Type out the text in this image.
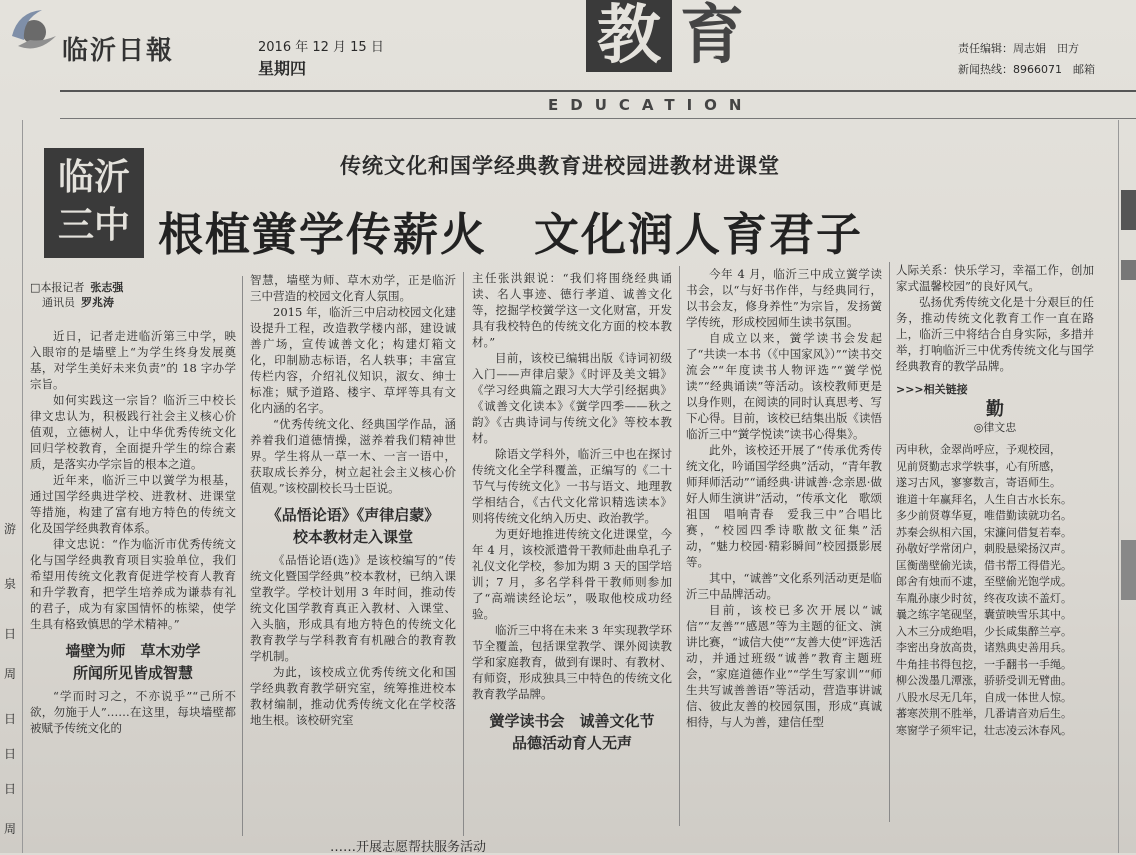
临沂日報	2016 年 12 月 15 日
星期四	教 育
EDUCATION
责任编辑：周志娟　田方
新闻热线：8966071　邮箱
游
泉
日
周
日
日
日
周
临沂
三中
传统文化和国学经典教育进校园进教材进课堂
根植黉学传薪火　文化润人育君子
□本报记者 张志强
通讯员 罗兆涛

近日，记者走进临沂第三中学，映入眼帘的是墙壁上“为学生终身发展奠基，对学生美好未来负责”的 18 字办学宗旨。

如何实践这一宗旨？临沂三中校长律文忠认为，积极践行社会主义核心价值观，立德树人，让中华优秀传统文化回归学校教育，全面提升学生的综合素质，是落实办学宗旨的根本之道。

近年来，临沂三中以黉学为根基，通过国学经典进学校、进教材、进课堂等措施，构建了富有地方特色的传统文化及国学经典教育体系。

律文忠说：“作为临沂市优秀传统文化与国学经典教育项目实验单位，我们希望用传统文化教育促进学校育人教育和升学教育，把学生培养成为谦恭有礼的君子，成为有家国情怀的栋梁，使学生具有格致慎思的学术精神。”

墙壁为师　草木劝学
所闻所见皆成智慧

“学而时习之，不亦说乎”“己所不欲，勿施于人”……在这里，每块墙壁都被赋予传统文化的

智慧，墙壁为师、草木劝学，正是临沂三中营造的校园文化育人氛围。

2015 年，临沂三中启动校园文化建设提升工程，改造教学楼内部，建设诚善广场，宣传诚善文化；构建灯箱文化，印制励志标语，名人轶事；丰富宣传栏内容，介绍礼仪知识，淑女、绅士标准；赋予道路、楼宇、草坪等具有文化内涵的名字。

“优秀传统文化、经典国学作品，涵养着我们道德情操，滋养着我们精神世界。学生将从一草一木、一言一语中，获取成长养分，树立起社会主义核心价值观。”该校副校长马士臣说。

《品悟论语》《声律启蒙》
校本教材走入课堂

《品悟论语(选)》是该校编写的“传统文化暨国学经典”校本教材，已纳入课堂教学。学校计划用 3 年时间，推动传统文化国学教育真正入教材、入课堂、入头脑，形成具有地方特色的传统文化教育教学与学科教育有机融合的教育教学机制。

为此，该校成立优秀传统文化和国学经典教育教学研究室，统筹推进校本教材编制，推动优秀传统文化在学校落地生根。该校研究室

主任张洪銀说：“我们将围绕经典诵读、名人事迹、德行孝道、诚善文化等，挖掘学校黉学这一文化财富，开发具有我校特色的传统文化方面的校本教材。”

目前，该校已编辑出版《诗词初级入门——声律启蒙》《时评及美文辑》《学习经典篇之跟习大大学引经据典》《诚善文化读本》《黉学四季——秋之韵》《古典诗词与传统文化》等校本教材。

除语文学科外，临沂三中也在探讨传统文化全学科覆盖，正编写的《二十节气与传统文化》一书与语文、地理教学相结合，《古代文化常识精选读本》则将传统文化纳入历史、政治教学。

为更好地推进传统文化进课堂，今年 4 月，该校派遣骨干教师赴曲阜孔子礼仪文化学校，参加为期 3 天的国学培训；7 月，多名学科骨干教师则参加了“高端读经论坛”，吸取他校成功经验。

临沂三中将在未来 3 年实现教学环节全覆盖，包括课堂教学、课外阅读教学和家庭教育，做到有课时、有教材、有师资，形成独具三中特色的传统文化教育教学品牌。

黉学读书会　诚善文化节
品德活动育人无声

今年 4 月，临沂三中成立黉学读书会，以“与好书作伴，与经典同行，以书会友，修身养性”为宗旨，发扬黉学传统，形成校园师生读书氛围。

自成立以来，黉学读书会发起了“共读一本书（《中国家风》）”“读书交流会”“年度读书人物评选”“黉学悦读”“经典诵读”等活动。该校教师更是以身作则，在阅读的同时认真思考、写下心得。目前，该校已结集出版《读悟临沂三中“黉学悦读”读书心得集》。

此外，该校还开展了“传承优秀传统文化，吟诵国学经典”活动，“青年教师拜师活动”“诵经典·讲诚善·念亲恩·做好人师生演讲”活动，“传承文化　歌颂祖国　唱响青春　爱我三中”合唱比赛，“校园四季诗歌散文征集”活动，“魅力校园·精彩瞬间”校园摄影展等。

其中，“诚善”文化系列活动更是临沂三中品牌活动。

目前，该校已多次开展以“诚信”“友善”“感恩”等为主题的征文、演讲比赛，“诚信大使”“友善大使”评选活动，并通过班级“诚善”教育主题班会，“家庭道德作业”“学生写家训”“师生共写诚善善语”等活动，营造事讲诚信、彼此友善的校园氛围，形成“真诚相待，与人为善，建信任型

人际关系：快乐学习，幸福工作，创加家式温馨校园”的良好风气。

弘扬优秀传统文化是十分艰巨的任务，推动传统文化教育工作一直在路上，临沂三中将结合自身实际，多措并举，打响临沂三中优秀传统文化与国学经典教育的教学品牌。

>>>相关链接
勤
◎律文忠

丙申秋，金翠尚呼应，予观校园，

见前贤勤志求学轶事，心有所感，

遂习古风，寥寥数言，寄语师生。

谁道十年赢拜名，人生自古水长东。

多少前贤尊华夏，唯借勤读就功名。

苏秦会纵相六国，宋濂问借复若奉。

孙敬好学常闭户，刺股悬梁扬汉声。

匡衡凿壁偷光读，借书帮工得借光。

郎舍有烛而不逮，至壁偷光饱学成。

车胤孙康少时贫，终夜攻读不盖灯。

曩之练字笔砚坚，囊萤映雪乐其中。

入木三分成绝唱，少长咸集醉兰亭。

李密出身放高贵，诸熟典史善用兵。

牛角挂书得包挖，一手翻书一手绳。

柳公泼墨几潭涨，骄骄受训无臂曲。

八股水尽无几年，自成一体世人惊。

蕃寒茨荆不胜举，几番请音劝后生。

寒窗学子须牢记，壮志凌云沐春风。

……开展志愿帮扶服务活动
